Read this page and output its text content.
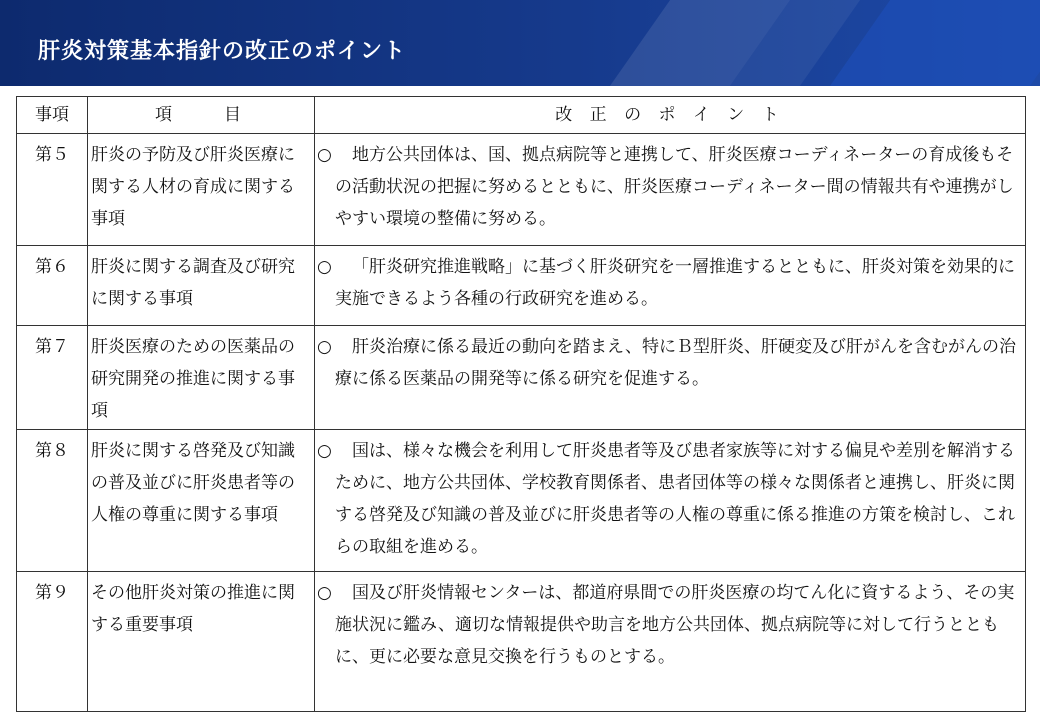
肝炎対策基本指針の改正のポイント
事項	項　　目	改 正 の ポ イ ン ト
第５	肝炎の予防及び肝炎医療に関する人材の育成に関する事項	○ 地方公共団体は、国、拠点病院等と連携して、肝炎医療コーディネーターの育成後もその活動状況の把握に努めるとともに、肝炎医療コーディネーター間の情報共有や連携がしやすい環境の整備に努める。

第６	肝炎に関する調査及び研究に関する事項	○ 「肝炎研究推進戦略」に基づく肝炎研究を一層推進するとともに、肝炎対策を効果的に実施できるよう各種の行政研究を進める。

第７	肝炎医療のための医薬品の研究開発の推進に関する事項	○ 肝炎治療に係る最近の動向を踏まえ、特にＢ型肝炎、肝硬変及び肝がんを含むがんの治療に係る医薬品の開発等に係る研究を促進する。

第８	肝炎に関する啓発及び知識の普及並びに肝炎患者等の人権の尊重に関する事項	○ 国は、様々な機会を利用して肝炎患者等及び患者家族等に対する偏見や差別を解消するために、地方公共団体、学校教育関係者、患者団体等の様々な関係者と連携し、肝炎に関する啓発及び知識の普及並びに肝炎患者等の人権の尊重に係る推進の方策を検討し、これらの取組を進める。

第９	その他肝炎対策の推進に関する重要事項	○ 国及び肝炎情報センターは、都道府県間での肝炎医療の均てん化に資するよう、その実施状況に鑑み、適切な情報提供や助言を地方公共団体、拠点病院等に対して行うとともに、更に必要な意見交換を行うものとする。
